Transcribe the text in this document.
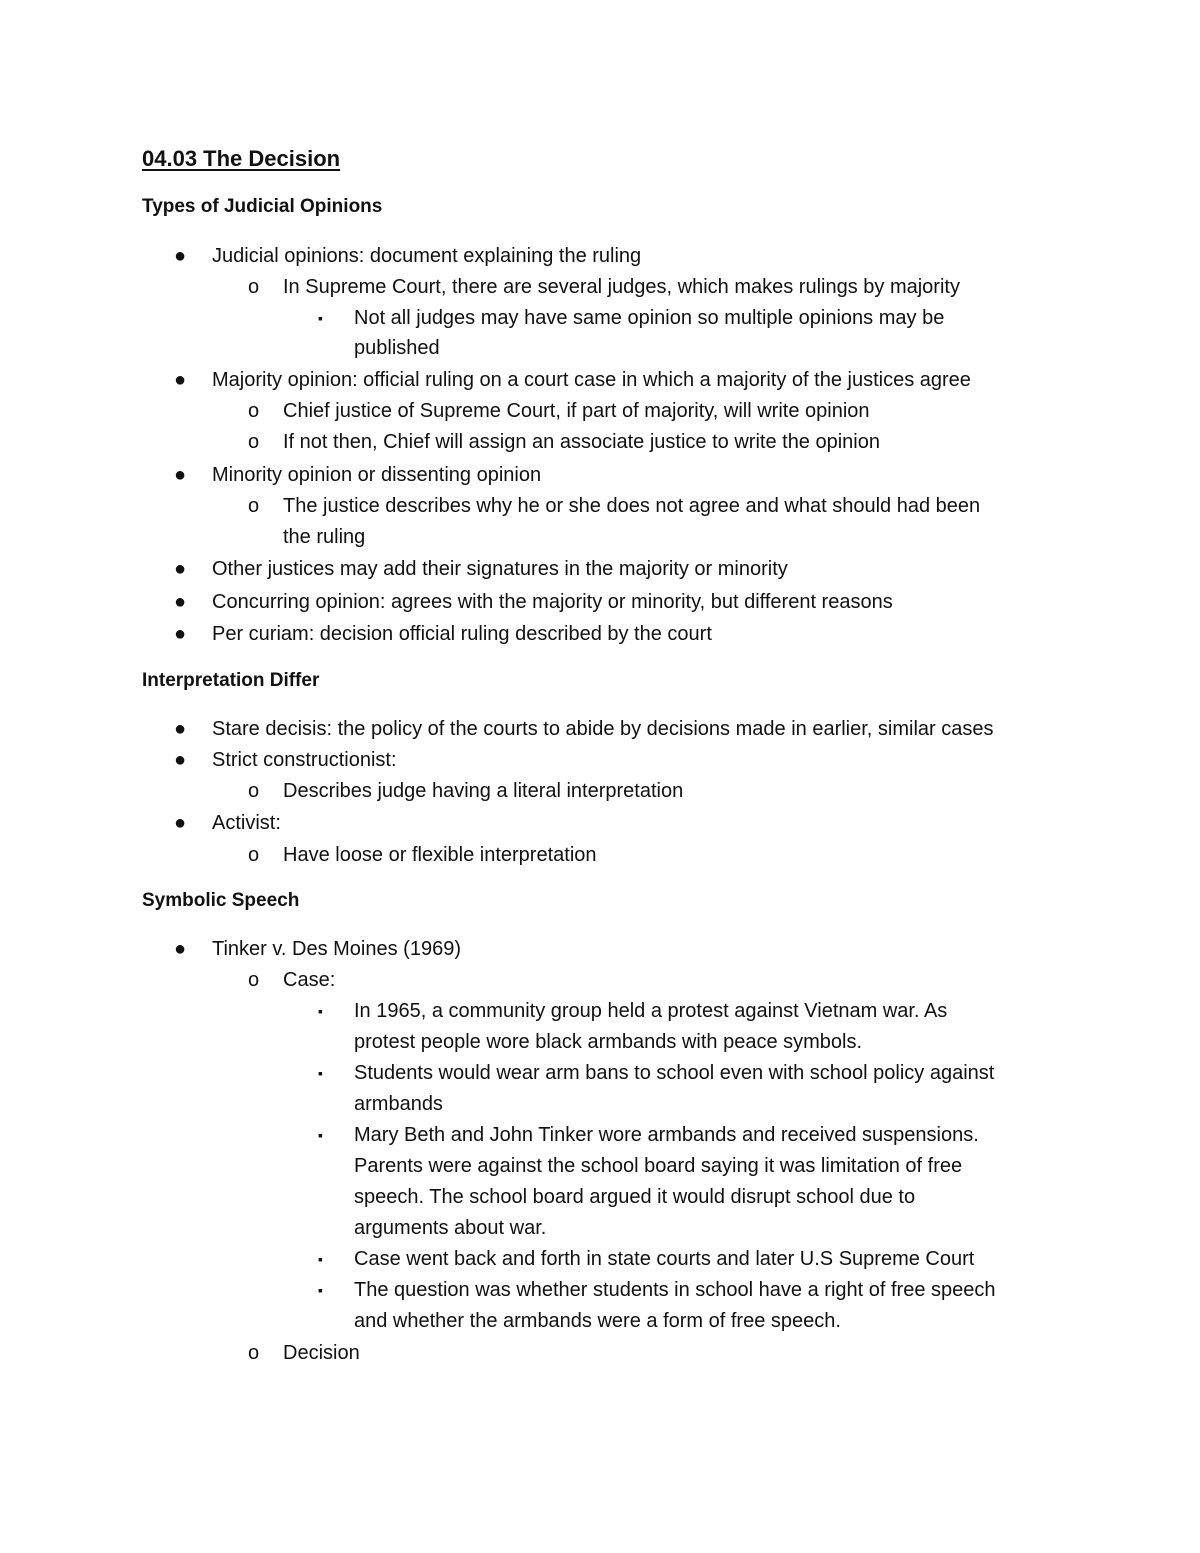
04.03 The Decision
Types of Judicial Opinions
● Judicial opinions: document explaining the ruling
o In Supreme Court, there are several judges, which makes rulings by majority
▪ Not all judges may have same opinion so multiple opinions may be
published
● Majority opinion: official ruling on a court case in which a majority of the justices agree
o Chief justice of Supreme Court, if part of majority, will write opinion
o If not then, Chief will assign an associate justice to write the opinion
● Minority opinion or dissenting opinion
o The justice describes why he or she does not agree and what should had been
the ruling
● Other justices may add their signatures in the majority or minority
● Concurring opinion: agrees with the majority or minority, but different reasons
● Per curiam: decision official ruling described by the court
Interpretation Differ
● Stare decisis: the policy of the courts to abide by decisions made in earlier, similar cases
● Strict constructionist:
o Describes judge having a literal interpretation
● Activist:
o Have loose or flexible interpretation
Symbolic Speech
● Tinker v. Des Moines (1969)
o Case:
▪ In 1965, a community group held a protest against Vietnam war. As
protest people wore black armbands with peace symbols.
▪ Students would wear arm bans to school even with school policy against
armbands
▪ Mary Beth and John Tinker wore armbands and received suspensions.
Parents were against the school board saying it was limitation of free
speech. The school board argued it would disrupt school due to
arguments about war.
▪ Case went back and forth in state courts and later U.S Supreme Court
▪ The question was whether students in school have a right of free speech
and whether the armbands were a form of free speech.
o Decision
